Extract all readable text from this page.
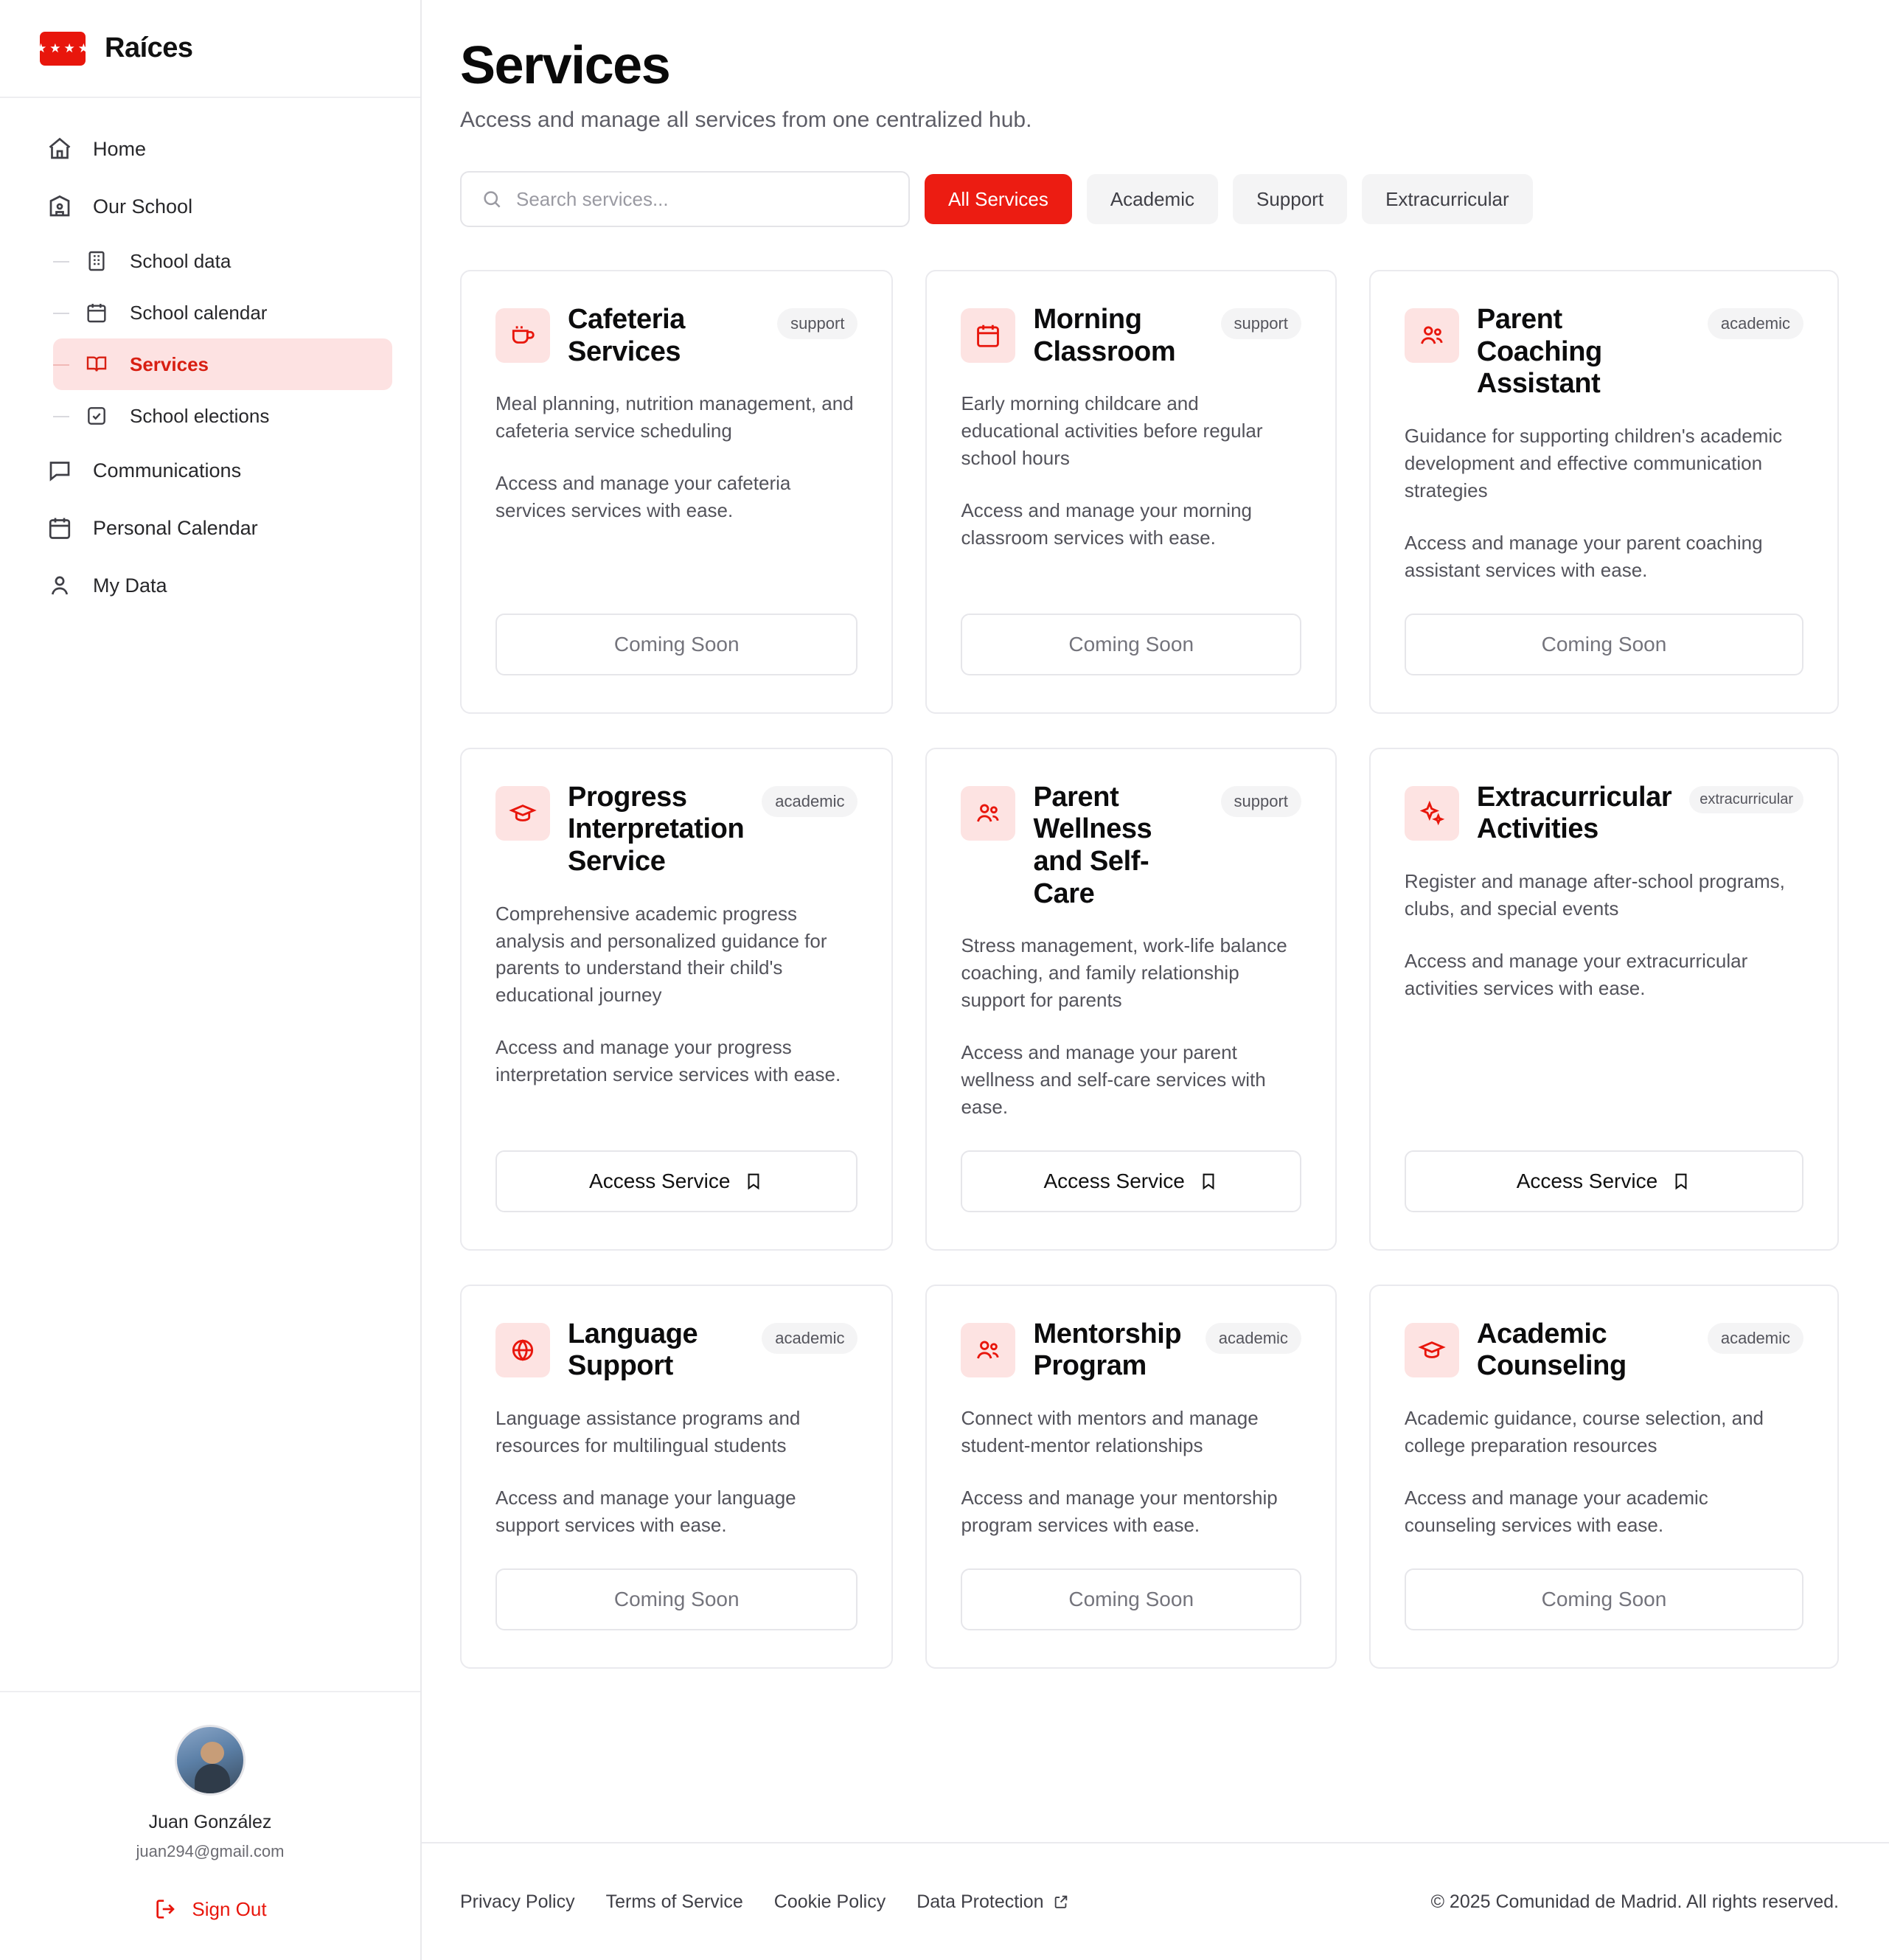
★ ★ ★ ★ Raíces
Home
Our School
School data
School calendar
Services
School elections
Communications
Personal Calendar
My Data
Juan González
juan294@gmail.com
Sign Out
Services

Access and manage all services from one centralized hub.

Search services...
All Services	Academic	Support	Extracurricular
Cafeteria Services
support
Meal planning, nutrition management, and cafeteria service scheduling
Access and manage your cafeteria services services with ease.
Coming Soon
Morning Classroom
support
Early morning childcare and educational activities before regular school hours
Access and manage your morning classroom services with ease.
Coming Soon
Parent Coaching Assistant
academic
Guidance for supporting children's academic development and effective communication strategies
Access and manage your parent coaching assistant services with ease.
Coming Soon
Progress Interpretation Service
academic
Comprehensive academic progress analysis and personalized guidance for parents to understand their child's educational journey
Access and manage your progress interpretation service services with ease.
Access Service
Parent Wellness and Self-Care
support
Stress management, work-life balance coaching, and family relationship support for parents
Access and manage your parent wellness and self-care services with ease.
Access Service
Extracurricular Activities
extracurricular
Register and manage after-school programs, clubs, and special events
Access and manage your extracurricular activities services with ease.
Access Service
Language Support
academic
Language assistance programs and resources for multilingual students
Access and manage your language support services with ease.
Coming Soon
Mentorship Program
academic
Connect with mentors and manage student-mentor relationships
Access and manage your mentorship program services with ease.
Coming Soon
Academic Counseling
academic
Academic guidance, course selection, and college preparation resources
Access and manage your academic counseling services with ease.
Coming Soon
Privacy Policy Terms of Service Cookie Policy Data Protection	© 2025 Comunidad de Madrid. All rights reserved.
